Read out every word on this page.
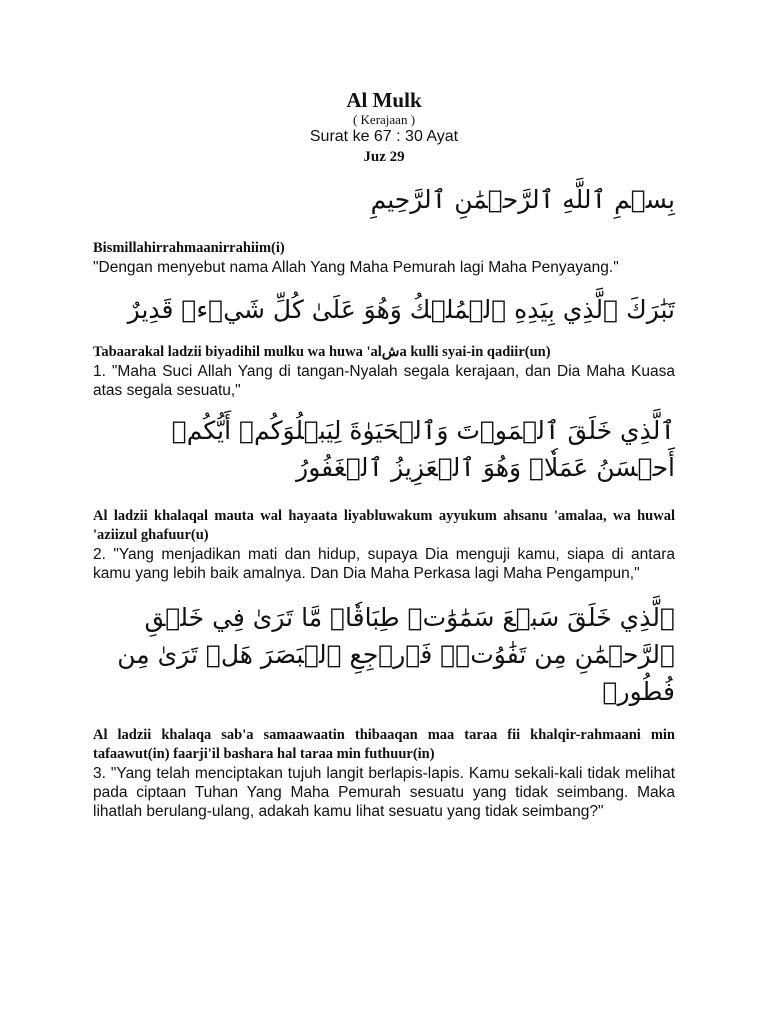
Al Mulk
( Kerajaan )
Surat ke 67 : 30 Ayat
Juz 29
بِسۡمِ ٱللَّهِ ٱلرَّحۡمَٰنِ ٱلرَّحِيمِ
Bismillahirrahmaanirrahiim(i)
"Dengan menyebut nama Allah Yang Maha Pemurah lagi Maha Penyayang."
تَبَٰرَكَ ٱلَّذِي بِيَدِهِ ٱلۡمُلۡكُ وَهُوَ عَلَىٰ كُلِّ شَيۡءٖ قَدِيرٌ
Tabaarakal ladzii biyadihil mulku wa huwa 'alشa kulli syai-in qadiir(un)
1. "Maha Suci Allah Yang di tangan-Nyalah segala kerajaan, dan Dia Maha Kuasa atas segala sesuatu,"
ٱلَّذِي خَلَقَ ٱلۡمَوۡتَ وَٱلۡحَيَوٰةَ لِيَبۡلُوَكُمۡ أَيُّكُمۡ أَحۡسَنُ عَمَلٗاۚ وَهُوَ ٱلۡعَزِيزُ ٱلۡغَفُورُ
Al ladzii khalaqal mauta wal hayaata liyabluwakum ayyukum ahsanu 'amalaa, wa huwal 'aziizul ghafuur(u)
2. "Yang menjadikan mati dan hidup, supaya Dia menguji kamu, siapa di antara kamu yang lebih baik amalnya. Dan Dia Maha Perkasa lagi Maha Pengampun,"
ٱلَّذِي خَلَقَ سَبۡعَ سَمَٰوَٰتٖ طِبَاقٗاۖ مَّا تَرَىٰ فِي خَلۡقِ ٱلرَّحۡمَٰنِ مِن تَفَٰوُتٖۖ فَٱرۡجِعِ ٱلۡبَصَرَ هَلۡ تَرَىٰ مِن فُطُورٖ
Al ladzii khalaqa sab'a samaawaatin thibaaqan maa taraa fii khalqir-rahmaani min tafaawut(in) faarji'il bashara hal taraa min futhuur(in)
3. "Yang telah menciptakan tujuh langit berlapis-lapis. Kamu sekali-kali tidak melihat pada ciptaan Tuhan Yang Maha Pemurah sesuatu yang tidak seimbang. Maka lihatlah berulang-ulang, adakah kamu lihat sesuatu yang tidak seimbang?"
